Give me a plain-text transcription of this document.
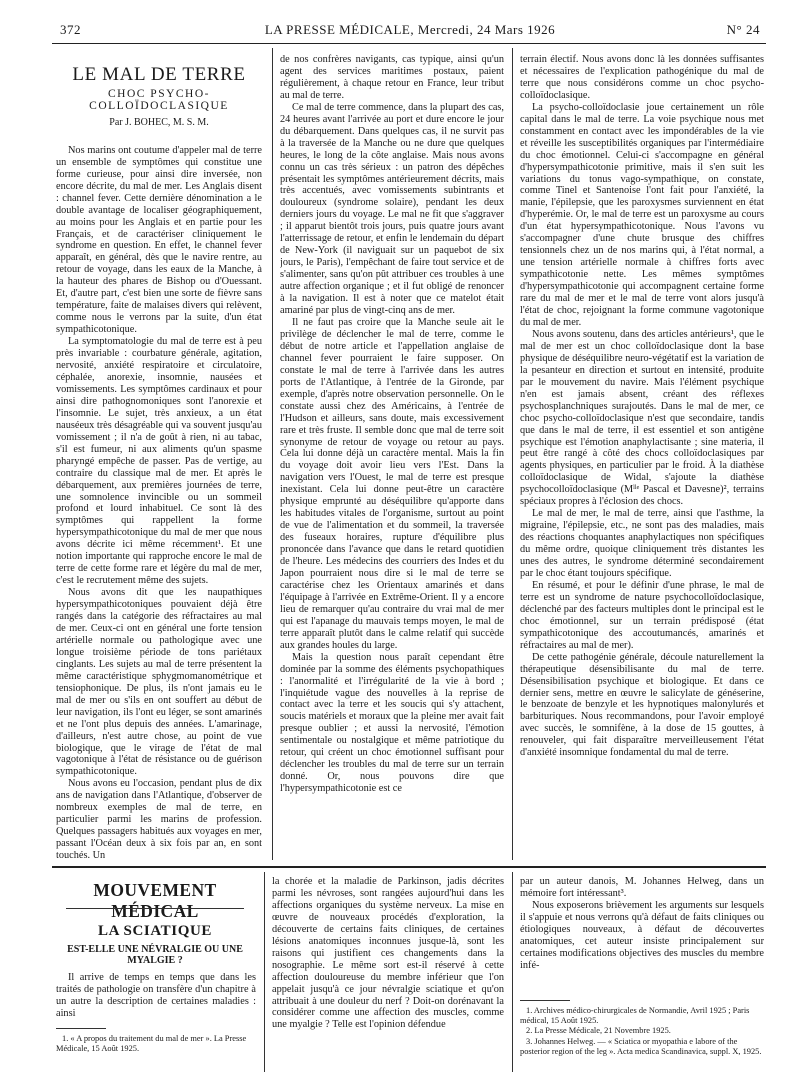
372	LA PRESSE MÉDICALE, Mercredi, 24 Mars 1926	N° 24
LE MAL DE TERRE
CHOC PSYCHO-COLLOÏDOCLASIQUE
Par J. BOHEC, M. S. M.

Nos marins ont coutume d'appeler mal de terre un ensemble de symptômes qui constitue une forme curieuse, pour ainsi dire inversée, non encore décrite, du mal de mer. Les Anglais disent : channel fever. Cette dernière dénomination a le double avantage de localiser géographiquement, au moins pour les Anglais et en partie pour les Français, et de caractériser cliniquement le syndrome en question. En effet, le channel fever apparaît, en général, dès que le navire rentre, au retour de voyage, dans les eaux de la Manche, à la hauteur des phares de Bishop ou d'Ouessant. Et, d'autre part, c'est bien une sorte de fièvre sans température, faite de malaises divers qui relèvent, comme nous le verrons par la suite, d'un état sympathicotonique.

La symptomatologie du mal de terre est à peu près invariable : courbature générale, agitation, nervosité, anxiété respiratoire et circulatoire, céphalée, anorexie, insomnie, nausées et vomissements. Les symptômes cardinaux et pour ainsi dire pathognomoniques sont l'anorexie et l'insomnie. Le sujet, très anxieux, a un état nauséeux très désagréable qui va souvent jusqu'au vomissement ; il n'a de goût à rien, ni au tabac, s'il est fumeur, ni aux aliments qu'un spasme pharyngé empêche de passer. Pas de vertige, au contraire du classique mal de mer. Et après le débarquement, aux premières journées de terre, une somnolence invincible ou un sommeil profond et lourd inhabituel. Ce sont là des symptômes qui rappellent la forme hypersympathicotonique du mal de mer que nous avons décrite ici même récemment¹. Et une notion importante qui rapproche encore le mal de terre de cette forme rare et légère du mal de mer, c'est le recrutement même des sujets.

Nous avons dit que les naupathiques hypersympathicotoniques pouvaient déjà être rangés dans la catégorie des réfractaires au mal de mer. Ceux-ci ont en général une forte tension artérielle normale ou pathologique avec une longue troisième période de tons pariétaux cinglants. Les sujets au mal de terre présentent la même caractéristique sphygmomanométrique et tensiophonique. De plus, ils n'ont jamais eu le mal de mer ou s'ils en ont souffert au début de leur navigation, ils l'ont eu léger, se sont amarinés et ne l'ont plus depuis des années. L'amarinage, d'ailleurs, n'est autre chose, au point de vue biologique, que le virage de l'état de mal vagotonique à l'état de résistance ou de guérison sympathicotonique.

Nous avons eu l'occasion, pendant plus de dix ans de navigation dans l'Atlantique, d'observer de nombreux exemples de mal de terre, en particulier parmi les marins de profession. Quelques passagers habitués aux voyages en mer, passant l'Océan deux à six fois par an, en sont touchés. Un

de nos confrères navigants, cas typique, ainsi qu'un agent des services maritimes postaux, paient régulièrement, à chaque retour en France, leur tribut au mal de terre.

Ce mal de terre commence, dans la plupart des cas, 24 heures avant l'arrivée au port et dure encore le jour du débarquement. Dans quelques cas, il ne survit pas à la traversée de la Manche ou ne dure que quelques heures, le long de la côte anglaise. Mais nous avons connu un cas très sérieux : un patron des dépêches présentait les symptômes antérieurement décrits, mais très accentués, avec vomissements subintrants et douloureux (syndrome solaire), pendant les deux derniers jours du voyage. Le mal ne fit que s'aggraver ; il apparut bientôt trois jours, puis quatre jours avant l'atterrissage de retour, et enfin le lendemain du départ de New-York (il naviguait sur un paquebot de six jours, le Paris), l'empêchant de faire tout service et de s'alimenter, sans qu'on pût attribuer ces troubles à une autre affection organique ; et il fut obligé de renoncer à la navigation. Il est à noter que ce matelot était amariné par plus de vingt-cinq ans de mer.

Il ne faut pas croire que la Manche seule ait le privilège de déclencher le mal de terre, comme le début de notre article et l'appellation anglaise de channel fever pourraient le faire supposer. On constate le mal de terre à l'arrivée dans les autres ports de l'Atlantique, à l'entrée de la Gironde, par exemple, d'après notre observation personnelle. On le constate aussi chez des Américains, à l'entrée de l'Hudson et ailleurs, sans doute, mais excessivement rare et très fruste. Il semble donc que mal de terre soit synonyme de retour de voyage ou retour au pays. Cela lui donne déjà un caractère mental. Mais la fin du voyage doit avoir lieu vers l'Est. Dans la navigation vers l'Ouest, le mal de terre est presque inexistant. Cela lui donne peut-être un caractère physique emprunté au déséquilibre qu'apporte dans les habitudes vitales de l'organisme, surtout au point de vue de l'alimentation et du sommeil, la traversée des fuseaux horaires, rupture d'équilibre plus prononcée dans l'avance que dans le retard quotidien de l'heure. Les médecins des courriers des Indes et du Japon pourraient nous dire si le mal de terre se caractérise chez les Orientaux amarinés et dans l'équipage à l'arrivée en Extrême-Orient. Il y a encore lieu de remarquer qu'au contraire du vrai mal de mer qui est l'apanage du mauvais temps moyen, le mal de terre apparaît plutôt dans le calme relatif qui succède aux grandes houles du large.

Mais la question nous paraît cependant être dominée par la somme des éléments psychopathiques : l'anormalité et l'irrégularité de la vie à bord ; l'inquiétude vague des nouvelles à la reprise de contact avec la terre et les soucis qui s'y attachent, soucis matériels et moraux que la pleine mer avait fait presque oublier ; et aussi la nervosité, l'émotion sentimentale ou nostalgique et même patriotique du retour, qui créent un choc émotionnel suffisant pour déclencher les troubles du mal de terre sur un terrain donné. Or, nous pouvons dire que l'hypersympathicotonie est ce

terrain électif. Nous avons donc là les données suffisantes et nécessaires de l'explication pathogénique du mal de terre que nous considérons comme un choc psycho-colloïdoclasique.

La psycho-colloïdoclasie joue certainement un rôle capital dans le mal de terre. La voie psychique nous met constamment en contact avec les impondérables de la vie et réveille les susceptibilités organiques par l'intermédiaire du choc émotionnel. Celui-ci s'accompagne en général d'hypersympathicotonie primitive, mais il s'en suit les variations du tonus vago-sympathique, on constate, comme Tinel et Santenoise l'ont fait pour l'anxiété, la manie, l'épilepsie, que les paroxysmes surviennent en état d'hyperémie. Or, le mal de terre est un paroxysme au cours d'un état hypersympathicotonique. Nous l'avons vu s'accompagner d'une chute brusque des chiffres tensionnels chez un de nos marins qui, à l'état normal, a une tension artérielle normale à chiffres forts avec sympathicotonie nette. Les mêmes symptômes d'hypersympathicotonie qui accompagnent certaine forme rare du mal de mer et le mal de terre vont alors jusqu'à l'état de choc, rejoignant la forme commune vagotonique du mal de mer.

Nous avons soutenu, dans des articles antérieurs¹, que le mal de mer est un choc colloïdoclasique dont la base physique de déséquilibre neuro-végétatif est la variation de la pesanteur en direction et surtout en intensité, produite par le mouvement du navire. Mais l'élément psychique n'en est jamais absent, créant des réflexes psychosplanchniques surajoutés. Dans le mal de mer, ce choc psycho-colloïdoclasique n'est que secondaire, tandis que dans le mal de terre, il est essentiel et son antigène psychique est l'émotion anaphylactisante ; sine materia, il peut être rangé à côté des chocs colloïdoclasiques par agents physiques, en particulier par le froid. À la diathèse colloïdoclasique de Widal, s'ajoute la diathèse psychocolloïdoclasique (Mˡˡᵉ Pascal et Davesne)², terrains spéciaux propres à l'éclosion des chocs.

Le mal de mer, le mal de terre, ainsi que l'asthme, la migraine, l'épilepsie, etc., ne sont pas des maladies, mais des réactions choquantes anaphylactiques non spécifiques du même ordre, quoique cliniquement très distantes les unes des autres, le syndrome déterminé secondairement par le choc étant toujours spécifique.

En résumé, et pour le définir d'une phrase, le mal de terre est un syndrome de nature psychocolloïdoclasique, déclenché par des facteurs multiples dont le principal est le choc émotionnel, sur un terrain prédisposé (état sympathicotonique des accoutumancés, amarinés et réfractaires au mal de mer).

De cette pathogénie générale, découle naturellement la thérapeutique désensibilisante du mal de terre. Désensibilisation psychique et biologique. Et dans ce dernier sens, mettre en œuvre le salicylate de généserine, le benzoate de benzyle et les hypnotiques malonylurés et barbituriques. Nous recommandons, pour l'avoir employé avec succès, le somnifène, à la dose de 15 gouttes, à renouveler, qui fait disparaître merveilleusement l'état d'anxiété insomnique fondamental du mal de terre.

MOUVEMENT MÉDICAL
LA SCIATIQUE
EST-ELLE UNE NÉVRALGIE OU UNE MYALGIE ?

Il arrive de temps en temps que dans les traités de pathologie on transfère d'un chapitre à un autre la description de certaines maladies : ainsi

1. « A propos du traitement du mal de mer ». La Presse Médicale, 15 Août 1925.

la chorée et la maladie de Parkinson, jadis décrites parmi les névroses, sont rangées aujourd'hui dans les affections organiques du système nerveux. La mise en œuvre de nouveaux procédés d'exploration, la découverte de certains faits cliniques, de certaines lésions anatomiques inconnues jusque-là, sont les raisons qui justifient ces changements dans la nosographie. Le même sort est-il réservé à cette affection douloureuse du membre inférieur que l'on appelait jusqu'à ce jour névralgie sciatique et qu'on attribuait à une douleur du nerf ? Doit-on dorénavant la considérer comme une affection des muscles, comme une myalgie ? Telle est l'opinion défendue

par un auteur danois, M. Johannes Helweg, dans un mémoire fort intéressant³.

Nous exposerons brièvement les arguments sur lesquels il s'appuie et nous verrons qu'à défaut de faits cliniques ou étiologiques nouveaux, à défaut de découvertes anatomiques, cet auteur insiste principalement sur certaines modifications objectives des muscles du membre infé-

1. Archives médico-chirurgicales de Normandie, Avril 1925 ; Paris médical, 15 Août 1925.
2. La Presse Médicale, 21 Novembre 1925.
3. Johannes Helweg. — « Sciatica or myopathia e labore of the posterior region of the leg ». Acta medica Scandinavica, suppl. X, 1925.
